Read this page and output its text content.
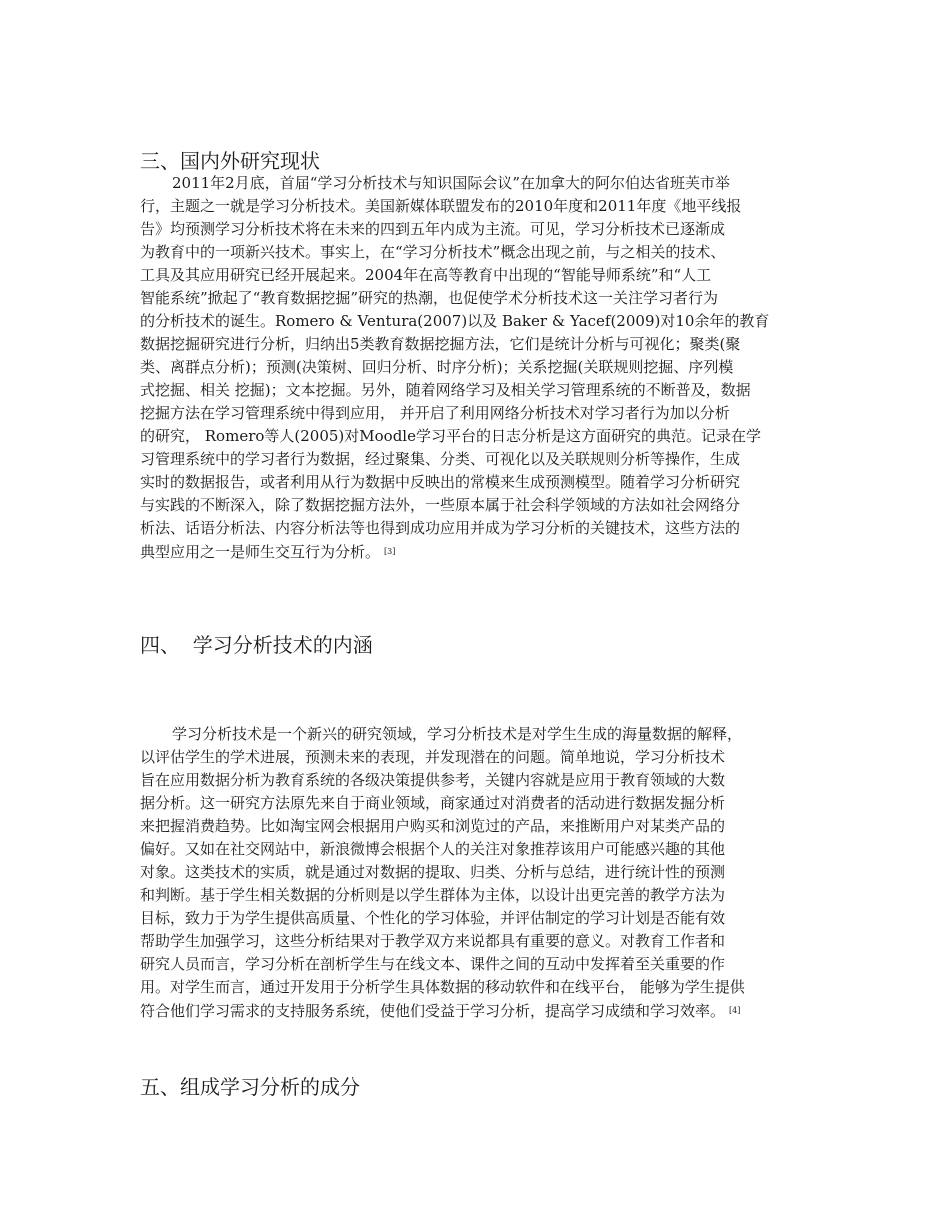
三、国内外研究现状
2011年2月底，首届“学习分析技术与知识国际会议”在加拿大的阿尔伯达省班芙市举
行，主题之一就是学习分析技术。美国新媒体联盟发布的2010年度和2011年度《地平线报
告》均预测学习分析技术将在未来的四到五年内成为主流。可见，学习分析技术已逐渐成
为教育中的一项新兴技术。事实上，在“学习分析技术”概念出现之前，与之相关的技术、
工具及其应用研究已经开展起来。2004年在高等教育中出现的“智能导师系统”和“人工
智能系统”掀起了“教育数据挖掘”研究的热潮，也促使学术分析技术这一关注学习者行为
的分析技术的诞生。Romero & Ventura(2007)以及 Baker & Yacef(2009)对10余年的教育
数据挖掘研究进行分析，归纳出5类教育数据挖掘方法，它们是统计分析与可视化；聚类(聚
类、离群点分析)；预测(决策树、回归分析、时序分析)；关系挖掘(关联规则挖掘、序列模
式挖掘、相关 挖掘)；文本挖掘。另外，随着网络学习及相关学习管理系统的不断普及，数据
挖掘方法在学习管理系统中得到应用， 并开启了利用网络分析技术对学习者行为加以分析
的研究， Romero等人(2005)对Moodle学习平台的日志分析是这方面研究的典范。记录在学
习管理系统中的学习者行为数据，经过聚集、分类、可视化以及关联规则分析等操作，生成
实时的数据报告，或者利用从行为数据中反映出的常模来生成预测模型。随着学习分析研究
与实践的不断深入，除了数据挖掘方法外，一些原本属于社会科学领域的方法如社会网络分
析法、话语分析法、内容分析法等也得到成功应用并成为学习分析的关键技术，这些方法的
典型应用之一是师生交互行为分析。 [3]
四、  学习分析技术的内涵
学习分析技术是一个新兴的研究领域，学习分析技术是对学生生成的海量数据的解释，
以评估学生的学术进展，预测未来的表现，并发现潜在的问题。简单地说，学习分析技术
旨在应用数据分析为教育系统的各级决策提供参考，关键内容就是应用于教育领域的大数
据分析。这一研究方法原先来自于商业领域，商家通过对消费者的活动进行数据发掘分析
来把握消费趋势。比如淘宝网会根据用户购买和浏览过的产品，来推断用户对某类产品的
偏好。又如在社交网站中，新浪微博会根据个人的关注对象推荐该用户可能感兴趣的其他
对象。这类技术的实质，就是通过对数据的提取、归类、分析与总结，进行统计性的预测
和判断。基于学生相关数据的分析则是以学生群体为主体，以设计出更完善的教学方法为
目标，致力于为学生提供高质量、个性化的学习体验，并评估制定的学习计划是否能有效
帮助学生加强学习，这些分析结果对于教学双方来说都具有重要的意义。对教育工作者和
研究人员而言，学习分析在剖析学生与在线文本、课件之间的互动中发挥着至关重要的作
用。对学生而言，通过开发用于分析学生具体数据的移动软件和在线平台， 能够为学生提供
符合他们学习需求的支持服务系统，使他们受益于学习分析，提高学习成绩和学习效率。 [4]
五、组成学习分析的成分
